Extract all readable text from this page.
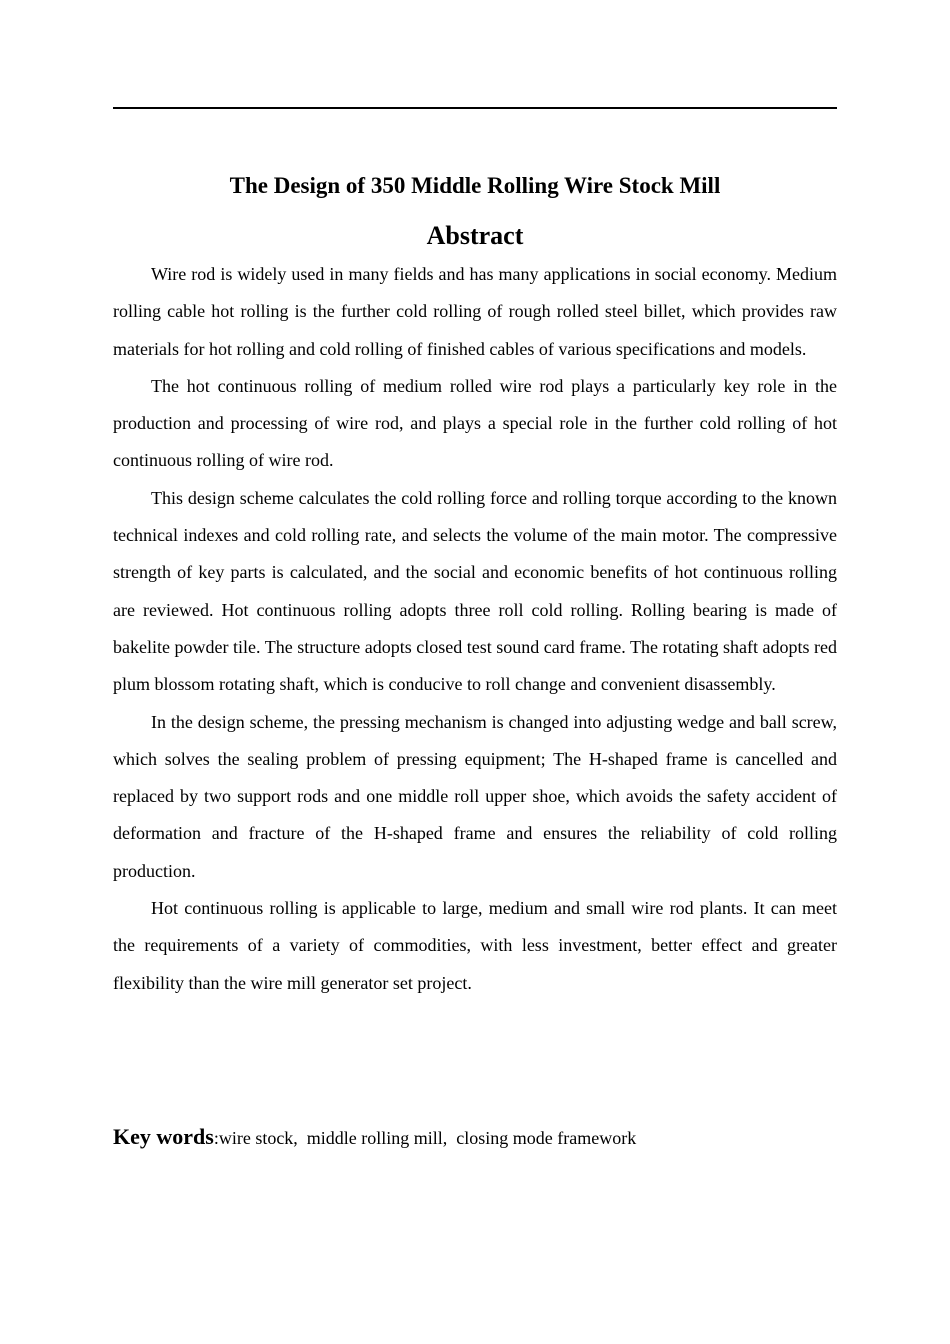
The Design of 350 Middle Rolling Wire Stock Mill
Abstract

Wire rod is widely used in many fields and has many applications in social economy. Medium rolling cable hot rolling is the further cold rolling of rough rolled steel billet, which provides raw materials for hot rolling and cold rolling of finished cables of various specifications and models.

The hot continuous rolling of medium rolled wire rod plays a particularly key role in the production and processing of wire rod, and plays a special role in the further cold rolling of hot continuous rolling of wire rod.

This design scheme calculates the cold rolling force and rolling torque according to the known technical indexes and cold rolling rate, and selects the volume of the main motor. The compressive strength of key parts is calculated, and the social and economic benefits of hot continuous rolling are reviewed. Hot continuous rolling adopts three roll cold rolling. Rolling bearing is made of bakelite powder tile. The structure adopts closed test sound card frame. The rotating shaft adopts red plum blossom rotating shaft, which is conducive to roll change and convenient disassembly.

In the design scheme, the pressing mechanism is changed into adjusting wedge and ball screw, which solves the sealing problem of pressing equipment; The H-shaped frame is cancelled and replaced by two support rods and one middle roll upper shoe, which avoids the safety accident of deformation and fracture of the H-shaped frame and ensures the reliability of cold rolling production.

Hot continuous rolling is applicable to large, medium and small wire rod plants. It can meet the requirements of a variety of commodities, with less investment, better effect and greater flexibility than the wire mill generator set project.

Key words:wire stock,  middle rolling mill,  closing mode framework
